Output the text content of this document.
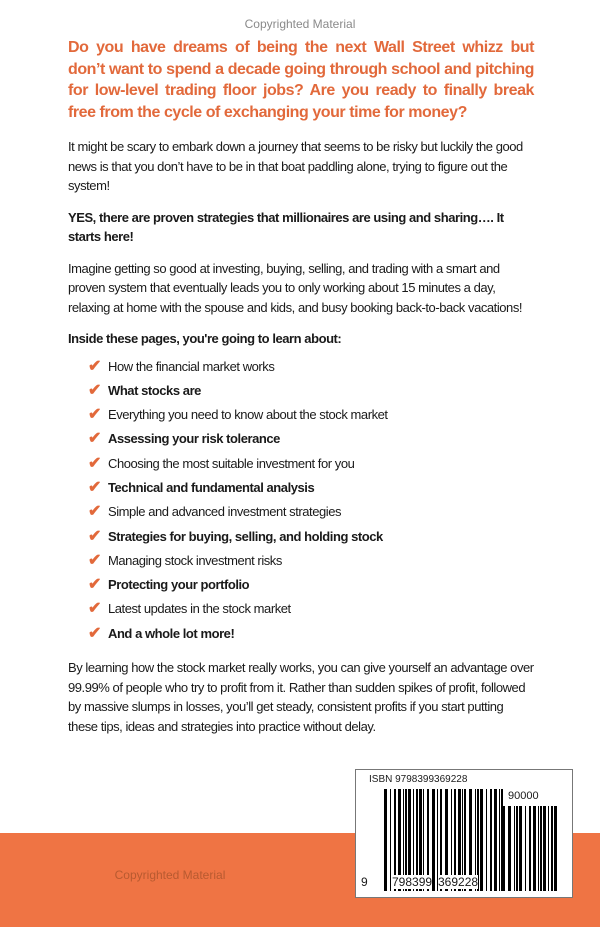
Copyrighted Material
Do you have dreams of being the next Wall Street whizz but don’t want to spend a decade going through school and pitching for low-level trading floor jobs? Are you ready to finally break free from the cycle of exchanging your time for money?
It might be scary to embark down a journey that seems to be risky but luckily the good news is that you don’t have to be in that boat paddling alone, trying to figure out the system!
YES, there are proven strategies that millionaires are using and sharing…. It starts here!
Imagine getting so good at investing, buying, selling, and trading with a smart and proven system that eventually leads you to only working about 15 minutes a day, relaxing at home with the spouse and kids, and busy booking back-to-back vacations!
Inside these pages, you're going to learn about:
✔ How the financial market works
✔ What stocks are
✔ Everything you need to know about the stock market
✔ Assessing your risk tolerance
✔ Choosing the most suitable investment for you
✔ Technical and fundamental analysis
✔ Simple and advanced investment strategies
✔ Strategies for buying, selling, and holding stock
✔ Managing stock investment risks
✔ Protecting your portfolio
✔ Latest updates in the stock market
✔ And a whole lot more!
By learning how the stock market really works, you can give yourself an advantage over 99.99% of people who try to profit from it. Rather than sudden spikes of profit, followed by massive slumps in losses, you’ll get steady, consistent profits if you start putting these tips, ideas and strategies into practice without delay.
Copyrighted Material
ISBN 9798399369228
90000
9 798399 369228
